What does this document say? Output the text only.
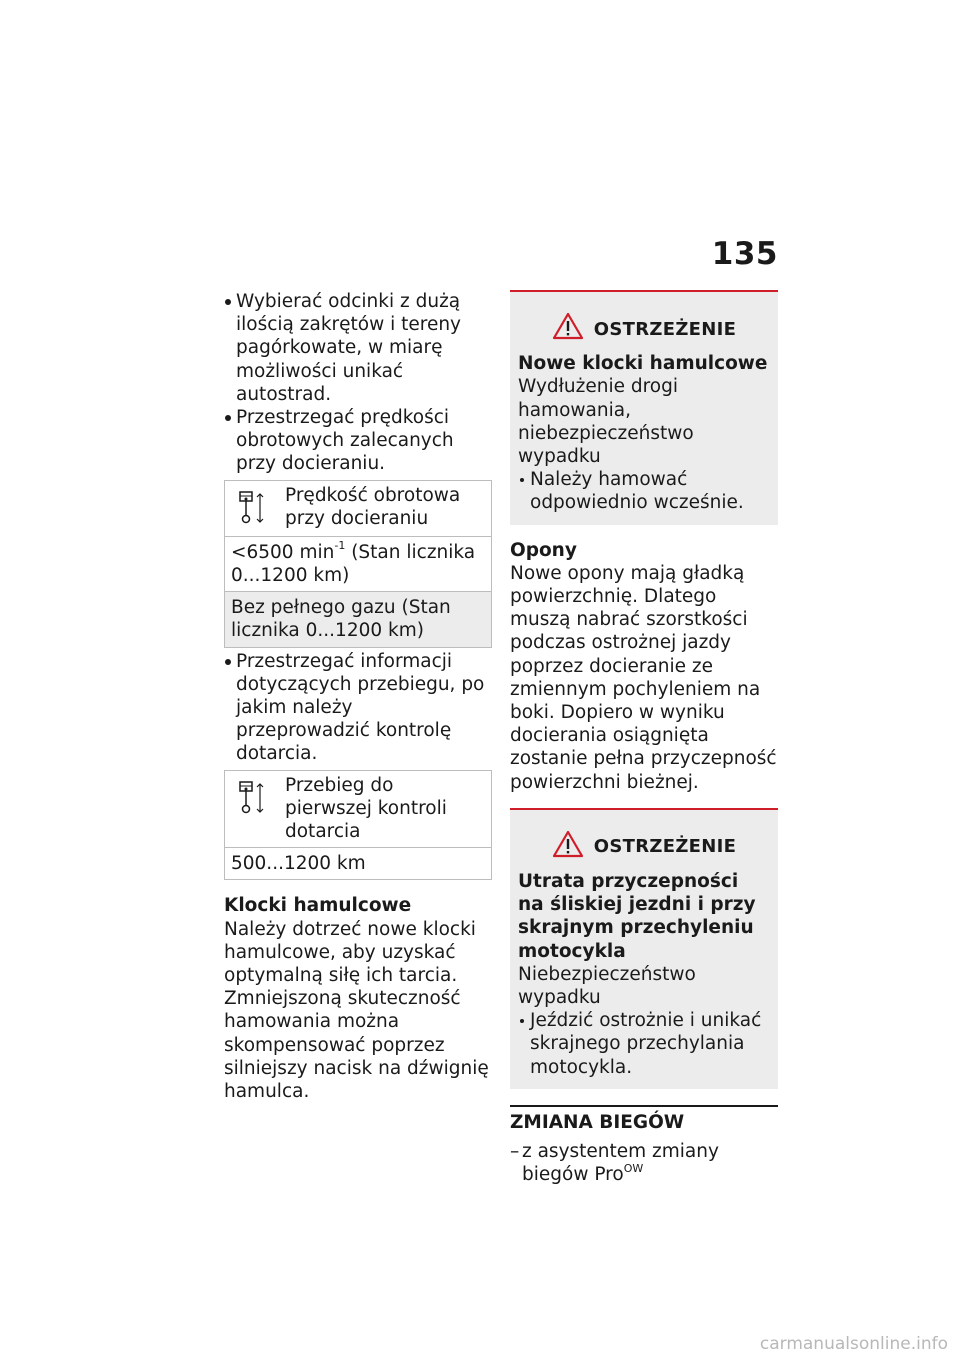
135

Wybierać odcinki z dużą ilością zakrętów i tereny pagórkowate, w miarę możliwości unikać autostrad.

Przestrzegać prędkości obrotowych zalecanych przy docieraniu.

Prędkość obrotowa przy docieraniu
<6500 $\min^{-1} (Stan$ licznika 0...1200 km)
Bez pełnego gazu (Stan licznika 0...1200 km)

Przestrzegać informacji dotyczących przebiegu, po jakim należy przeprowadzić kontrolę dotarcia.

Przebieg do pierwszej kontroli dotarcia
500...1200 km
Klocki hamulcowe

Należy dotrzeć nowe klocki hamulcowe, aby uzyskać optymalną siłę ich tarcia. Zmniejszoną skuteczność hamowania można skompensować poprzez silniejszy nacisk na dźwignię hamulca.

OSTRZEŻENIE
Nowe klocki hamulcowe
Wydłużenie drogi hamowania, niebezpieczeństwo wypadku

Należy hamować odpowiednio wcześnie.

Opony

Nowe opony mają gładką powierzchnię. Dlatego muszą nabrać szorstkości podczas ostrożnej jazdy poprzez docieranie ze zmiennym pochyleniem na boki. Dopiero w wyniku docierania osiągnięta zostanie pełna przyczepność powierzchni bieżnej.

OSTRZEŻENIE
Utrata przyczepności na śliskiej jezdni i przy skrajnym przechyleniu motocykla
Niebezpieczeństwo wypadku

Jeździć ostrożnie i unikać skrajnego przechylania motocykla.

ZMIANA BIEGÓW
– z asystentem zmiany biegów Pro$^{OW}$
carmanualsonline.info
